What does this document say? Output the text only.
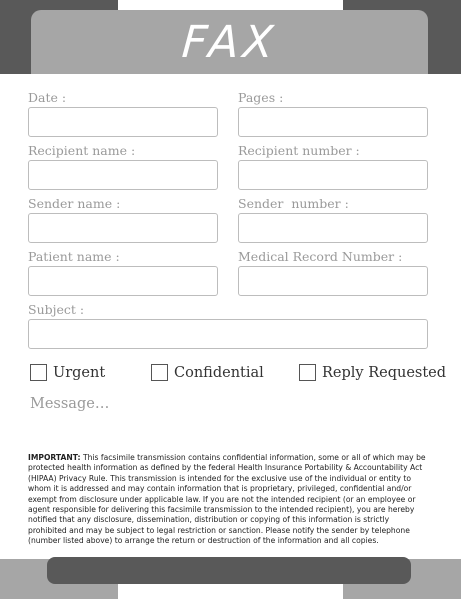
FAX
Date :	Pages :
Recipient name :	Recipient number :
Sender name :	Sender  number :
Patient name :	Medical Record Number :
Subject :
Urgent	Confidential	Reply Requested
Message…

IMPORTANT: This facsimile transmission contains confidential information, some or all of which may be protected health information as defined by the federal Health Insurance Portability & Accountability Act (HIPAA) Privacy Rule. This transmission is intended for the exclusive use of the individual or entity to whom it is addressed and may contain information that is proprietary, privileged, confidential and/or exempt from disclosure under applicable law. If you are not the intended recipient (or an employee or agent responsible for delivering this facsimile transmission to the intended recipient), you are hereby notified that any disclosure, dissemination, distribution or copying of this information is strictly prohibited and may be subject to legal restriction or sanction. Please notify the sender by telephone (number listed above) to arrange the return or destruction of the information and all copies.
